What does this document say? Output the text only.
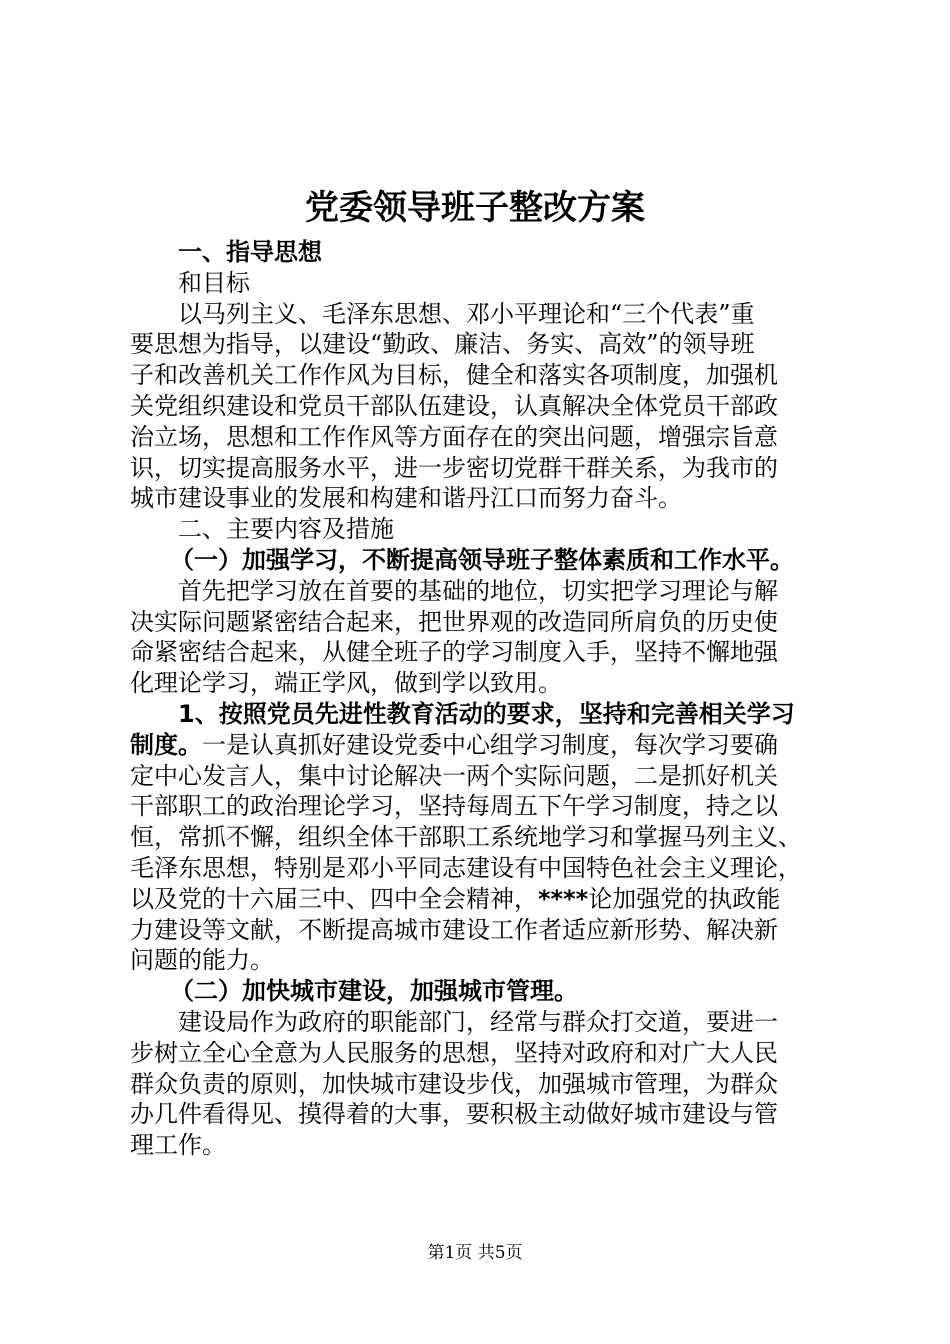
党委领导班子整改方案
一、指导思想
和目标
以马列主义、毛泽东思想、邓小平理论和“三个代表”重
要思想为指导，以建设“勤政、廉洁、务实、高效”的领导班
子和改善机关工作作风为目标，健全和落实各项制度，加强机
关党组织建设和党员干部队伍建设，认真解决全体党员干部政
治立场，思想和工作作风等方面存在的突出问题，增强宗旨意
识，切实提高服务水平，进一步密切党群干群关系，为我市的
城市建设事业的发展和构建和谐丹江口而努力奋斗。
二、主要内容及措施
（一）加强学习，不断提高领导班子整体素质和工作水平。
首先把学习放在首要的基础的地位，切实把学习理论与解
决实际问题紧密结合起来，把世界观的改造同所肩负的历史使
命紧密结合起来，从健全班子的学习制度入手，坚持不懈地强
化理论学习，端正学风，做到学以致用。
1、按照党员先进性教育活动的要求，坚持和完善相关学习
制度。一是认真抓好建设党委中心组学习制度，每次学习要确
定中心发言人，集中讨论解决一两个实际问题，二是抓好机关
干部职工的政治理论学习，坚持每周五下午学习制度，持之以
恒，常抓不懈，组织全体干部职工系统地学习和掌握马列主义、
毛泽东思想，特别是邓小平同志建设有中国特色社会主义理论，
以及党的十六届三中、四中全会精神，****论加强党的执政能
力建设等文献，不断提高城市建设工作者适应新形势、解决新
问题的能力。
（二）加快城市建设，加强城市管理。
建设局作为政府的职能部门，经常与群众打交道，要进一
步树立全心全意为人民服务的思想，坚持对政府和对广大人民
群众负责的原则，加快城市建设步伐，加强城市管理，为群众
办几件看得见、摸得着的大事，要积极主动做好城市建设与管
理工作。
第1页 共5页
